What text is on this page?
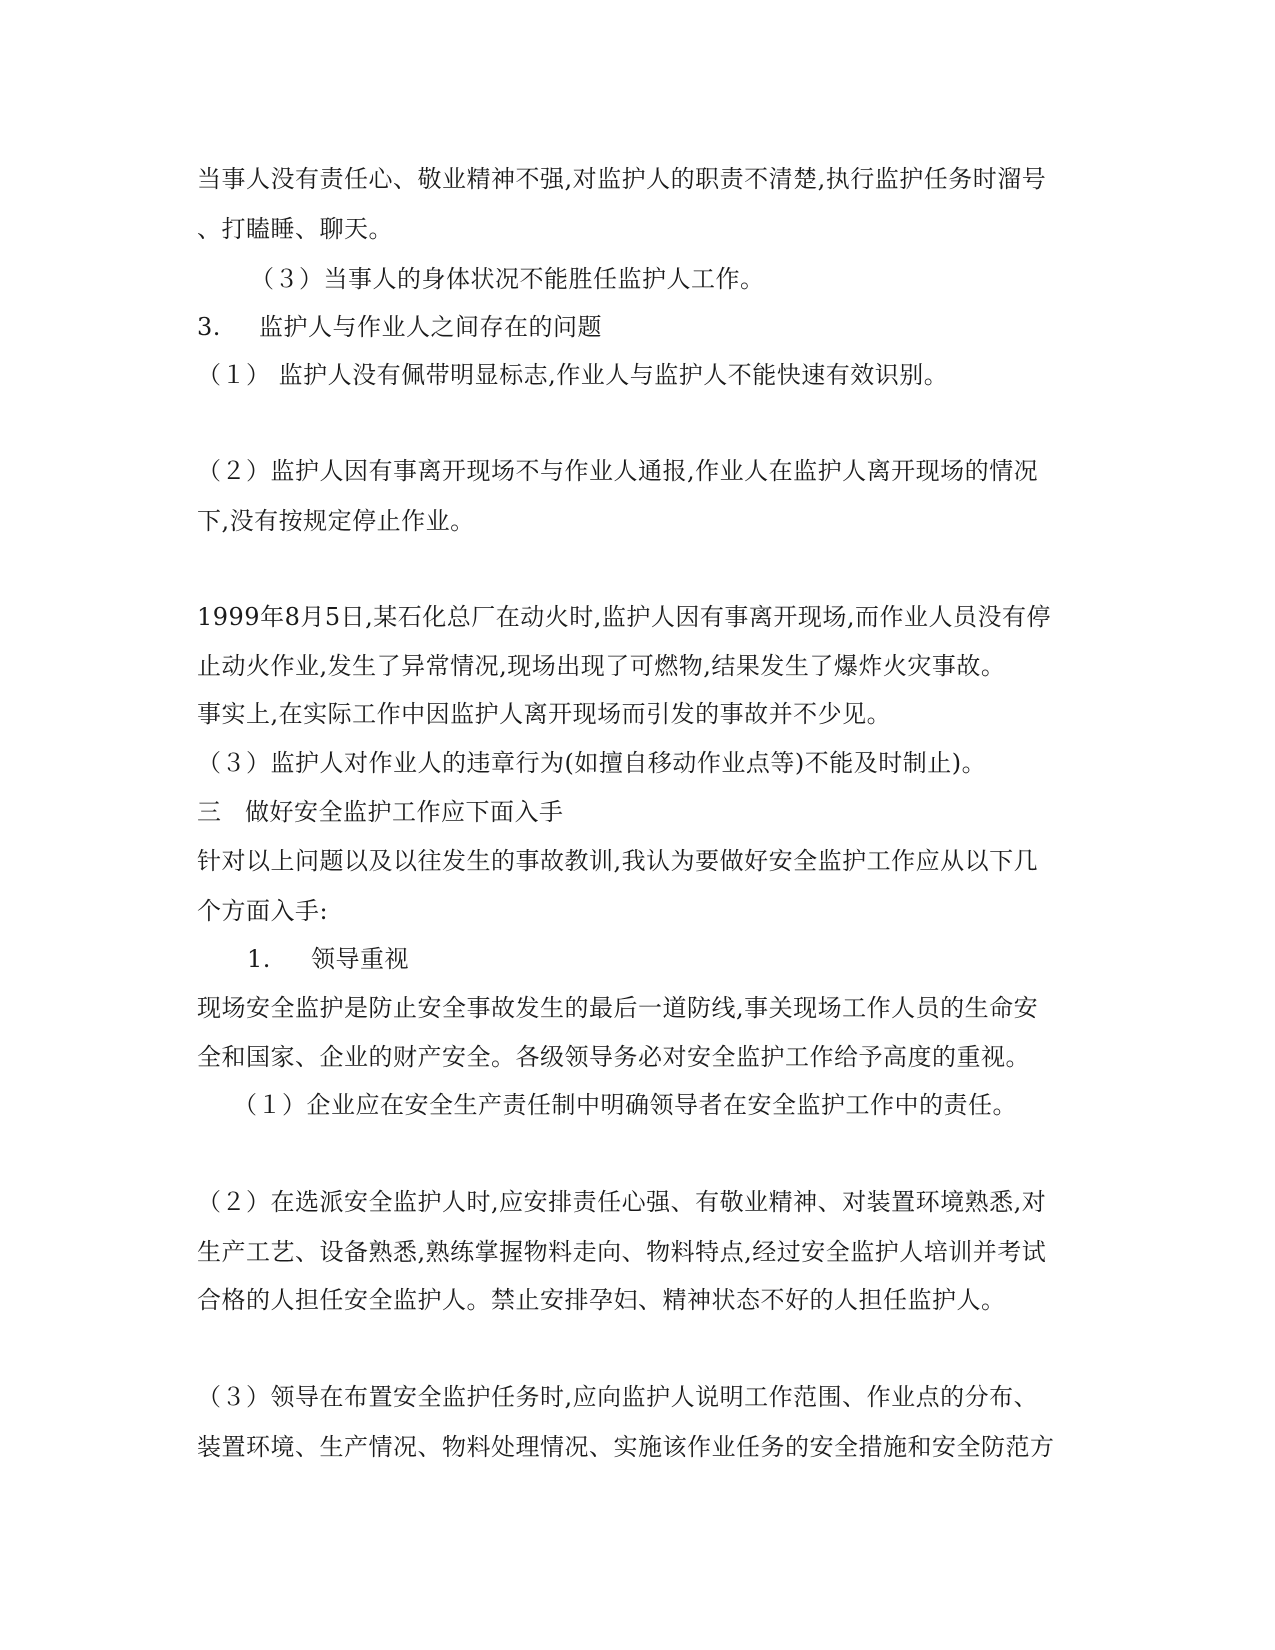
当事人没有责任心、敬业精神不强,对监护人的职责不清楚,执行监护任务时溜号
、打瞌睡、聊天。
（３）当事人的身体状况不能胜任监护人工作。
3. 监护人与作业人之间存在的问题
（１） 监护人没有佩带明显标志,作业人与监护人不能快速有效识别。
（２）监护人因有事离开现场不与作业人通报,作业人在监护人离开现场的情况
下,没有按规定停止作业。
1999年8月5日,某石化总厂在动火时,监护人因有事离开现场,而作业人员没有停
止动火作业,发生了异常情况,现场出现了可燃物,结果发生了爆炸火灾事故。
事实上,在实际工作中因监护人离开现场而引发的事故并不少见。
（３）监护人对作业人的违章行为(如擅自移动作业点等)不能及时制止)。
三 做好安全监护工作应下面入手
针对以上问题以及以往发生的事故教训,我认为要做好安全监护工作应从以下几
个方面入手:
1. 领导重视
现场安全监护是防止安全事故发生的最后一道防线,事关现场工作人员的生命安
全和国家、企业的财产安全。各级领导务必对安全监护工作给予高度的重视。
（１）企业应在安全生产责任制中明确领导者在安全监护工作中的责任。
（２）在选派安全监护人时,应安排责任心强、有敬业精神、对装置环境熟悉,对
生产工艺、设备熟悉,熟练掌握物料走向、物料特点,经过安全监护人培训并考试
合格的人担任安全监护人。禁止安排孕妇、精神状态不好的人担任监护人。
（３）领导在布置安全监护任务时,应向监护人说明工作范围、作业点的分布、
装置环境、生产情况、物料处理情况、实施该作业任务的安全措施和安全防范方
